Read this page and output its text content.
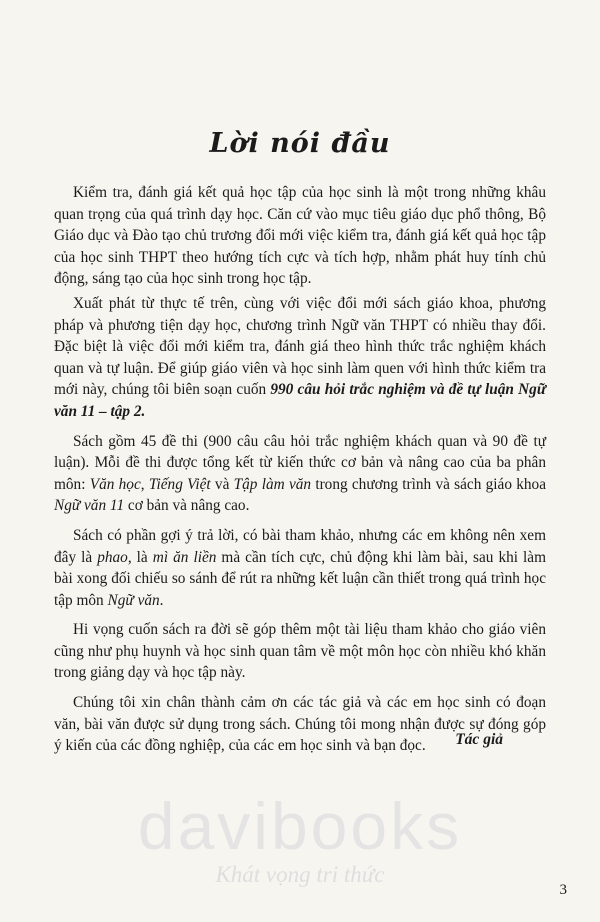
Lời nói đầu

Kiểm tra, đánh giá kết quả học tập của học sinh là một trong những khâu quan trọng của quá trình dạy học. Căn cứ vào mục tiêu giáo dục phổ thông, Bộ Giáo dục và Đào tạo chủ trương đổi mới việc kiểm tra, đánh giá kết quả học tập của học sinh THPT theo hướng tích cực và tích hợp, nhằm phát huy tính chủ động, sáng tạo của học sinh trong học tập.

Xuất phát từ thực tế trên, cùng với việc đổi mới sách giáo khoa, phương pháp và phương tiện dạy học, chương trình Ngữ văn THPT có nhiều thay đổi. Đặc biệt là việc đổi mới kiểm tra, đánh giá theo hình thức trắc nghiệm khách quan và tự luận. Để giúp giáo viên và học sinh làm quen với hình thức kiểm tra mới này, chúng tôi biên soạn cuốn 990 câu hỏi trắc nghiệm và đề tự luận Ngữ văn 11 – tập 2.

Sách gồm 45 đề thi (900 câu câu hỏi trắc nghiệm khách quan và 90 đề tự luận). Mỗi đề thi được tổng kết từ kiến thức cơ bản và nâng cao của ba phân môn: Văn học, Tiếng Việt và Tập làm văn trong chương trình và sách giáo khoa Ngữ văn 11 cơ bản và nâng cao.

Sách có phần gợi ý trả lời, có bài tham khảo, nhưng các em không nên xem đây là phao, là mì ăn liền mà cần tích cực, chủ động khi làm bài, sau khi làm bài xong đối chiếu so sánh để rút ra những kết luận cần thiết trong quá trình học tập môn Ngữ văn.

Hi vọng cuốn sách ra đời sẽ góp thêm một tài liệu tham khảo cho giáo viên cũng như phụ huynh và học sinh quan tâm về một môn học còn nhiều khó khăn trong giảng dạy và học tập này.

Chúng tôi xin chân thành cảm ơn các tác giả và các em học sinh có đoạn văn, bài văn được sử dụng trong sách. Chúng tôi mong nhận được sự đóng góp ý kiến của các đồng nghiệp, của các em học sinh và bạn đọc.	Tác giả
davibooks
Khát vọng tri thức
3
